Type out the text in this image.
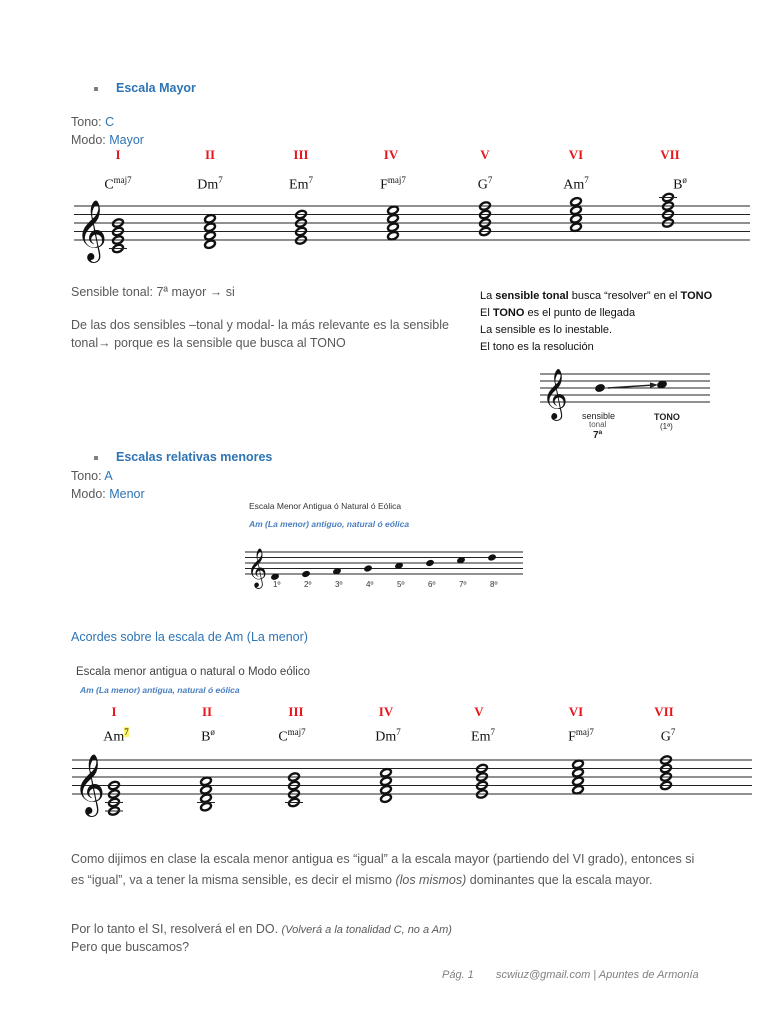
Escala Mayor
Tono: C
Modo: Mayor
I	II	III	IV	V	VI	VII
$C^{maj7}$	Dm$^7$	Em$^7$	$F^{maj7}$	$G^7$	Am$^7$	$B^ø$
𝄞
Sensible tonal: 7ª mayor → si
De las dos sensibles –tonal y modal- la más relevante es la sensible
tonal→ porque es la sensible que busca al TONO
La sensible tonal busca “resolver” en el TONO
El TONO es el punto de llegada
La sensible es lo inestable.
El tono es la resolución
𝄞 sensible
tonal
7ª
TONO
(1ª)
Escalas relativas menores
Tono: A
Modo: Menor
Escala Menor Antigua ó Natural ó Eólica
Am (La menor) antiguo, natural ó eólica
𝄞 1º	2º	3º	4º	5º	6º	7º	8º
Acordes sobre la escala de Am (La menor)
Escala menor antigua o natural o Modo eólico
Am (La menor) antigua, natural ó eólica
I	II	III	IV	V	VI	VII
Am$^7$	$B^ø$	$C^{maj7}$	Dm$^7$	Em$^7$	$F^{maj7}$	$G^7$
𝄞
Como dijimos en clase la escala menor antigua es “igual” a la escala mayor (partiendo del VI grado), entonces si
es “igual”, va a tener la misma sensible, es decir el mismo (los mismos) dominantes que la escala mayor.
Por lo tanto el SI, resolverá el en DO. (Volverá a la tonalidad C, no a Am)
Pero que buscamos?
Pág. 1 scwiuz@gmail.com | Apuntes de Armonía
